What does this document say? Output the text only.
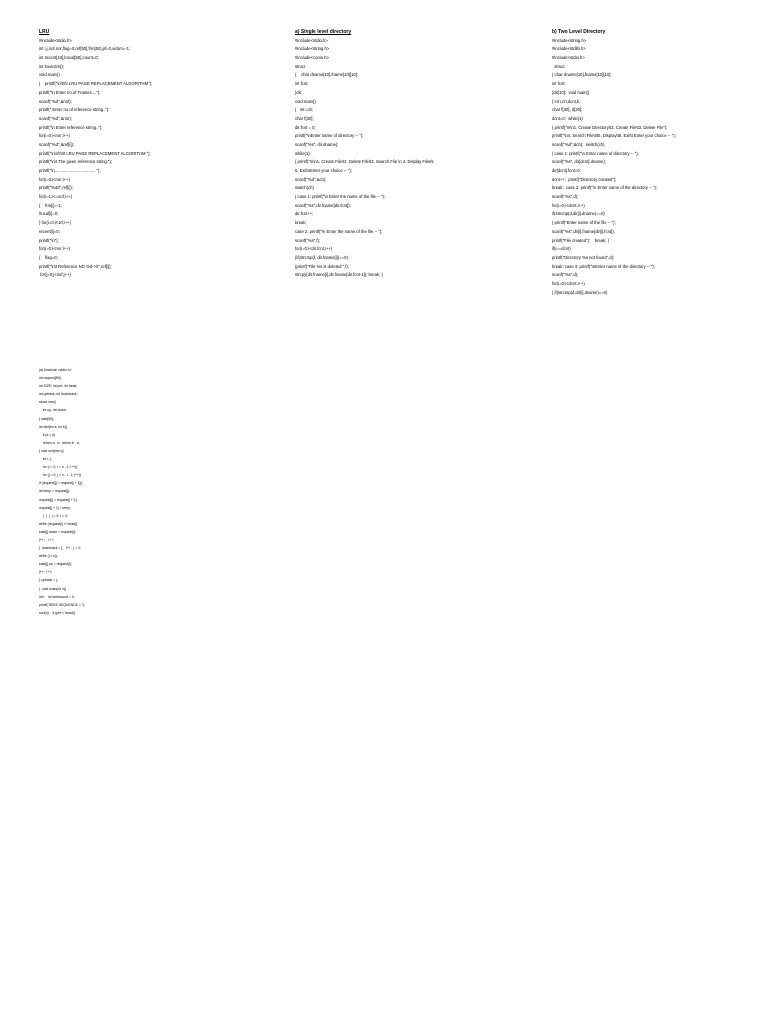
LRU
#include<stdio.h>
int i,j,nof,nor,flag=0,ref[50],frm[50],pf=0,victim=-1;
int recent[10],lrucal[50],count=0;
int lruvictim();
void main()
{    printf("\n\t\t\t LRU PAGE REPLACEMENT ALGORITHM");
printf("\n Enter no.of Frames....");
scanf("%d",&nof);
printf(" Enter no.of reference string..");
scanf("%d",&nor);
printf("\n Enter reference string..");
for(i=0;i<nor;i++)
scanf("%d",&ref[i]);
printf("\n\n\t\t\t LRU PAGE REPLACEMENT ALGORITHM ");
printf("\n\t The given reference string:");
printf("\n....................................");
for(i=0;i<nor;i++)
printf("%4d",ref[i]);
for(i=1;i<=nof;i++)
{    frm[i]=-1;
lrucal[i]=0;
} for(i=0;i<10;i++)
recent[i]=0;
printf("\n");
for(i=0;i<nor;i++)
{    flag=0;
printf("\n\t Reference NO %d->\t",ref[i]);
for(j=0;j<nof;j++)
a) Single level directory
#include<stdio.h>
#include<string.h>
#include<conio.h>
struct
{    char dname[10],fname[10][10];
int fcnt;
}dir;
void main()
{   int i,ch;
char f[30];
dir.fcnt = 0;
printf("\nEnter name of directory -- ");
scanf("%s", dir.dname);
while(1)
{ printf("\n\n1. Create File\t2. Delete File\t3. Search File \n 4. Display Files\t
5. Exit\nEnter your choice -- ");
scanf("%d",&ch);
switch(ch)
{ case 1: printf("\n Enter the name of the file -- ");
scanf("%s",dir.fname[dir.fcnt]);
dir.fcnt++;
break;
case 2: printf("\n Enter the name of the file -- ");
scanf("%s",f);
for(i=0;i<dir.fcnt;i++)
{if(strcmp(f, dir.fname[i])==0)
{printf("File %s is deleted ",f);
strcpy(dir.fname[i],dir.fname[dir.fcnt-1]); break; }
b) Two Level Directory
#include<string.h>
#include<stdlib.h>
#include<stdio.h>
struct
{ char dname[10],fname[10][10];
int fcnt;
}dir[10];  void main()
{ int i,ch,dcnt,k;
char f[30], d[30];
dcnt=0;  while(1)
{ printf("\n\n1. Create Directory\t2. Create File\t3. Delete File");
printf("\n4. Search File\t\t5. Display\t6. Exit\t Enter your choice -- ");
scanf("%d",&ch);  switch(ch)
{ case 1: printf("\n Enter name of directory -- ");
scanf("%s", dir[dcnt].dname);
dir[dcnt].fcnt=0;
dcnt++;  printf("Directory created");
break;  case 2: printf("\n Enter name of the directory -- ");
scanf("%s",d);
for(i=0;i<dcnt;i++)
if(strcmp(d,dir[i].dname)==0)
{ printf("Enter name of the file -- ");
scanf("%s",dir[i].fname[dir[i].fcnt]);
printf("File created");    break; }
if(i==dcnt)
printf("Directory %s not found",d);
break; case 3: printf("\nEnter name of the directory -- ");
scanf("%s",d);
for(i=0;i<dcnt;i++)
{ if(strcmp(d,dir[i].dname)==0)
(a) #include <stdio.h>
int request[50];
int SIZE; int pre; int head;
int uptrack; int downtrack;
struct max{
int up; int down;
} kate[50];
int dist(int a, int b){
if (a > b)
return a - b;  return b - a;
} void sort(int n){
int i, j;
for (i = 0; i < n - 1; i++){
for (j = 0; j < n - i - 1; j++){
if (request[j] > request[j + 1]){
int temp = request[j];
request[j] = request[j + 1];
request[j + 1] = temp;
}  }  }  j = 0; i = 0;
while (request[i] != head){
kate[j].down = request[i];
j++;    i++;
}  downtrack = j;   i++;  j = 0;
while (i < n){
kate[j].up = request[i];
j++;  i++;
} uptrack = j;
}  void scan(int n){
int i;   int seekcount = 0;
printf("SEEK SEQUENCE = ");
sort(n);   if (pre < head){
